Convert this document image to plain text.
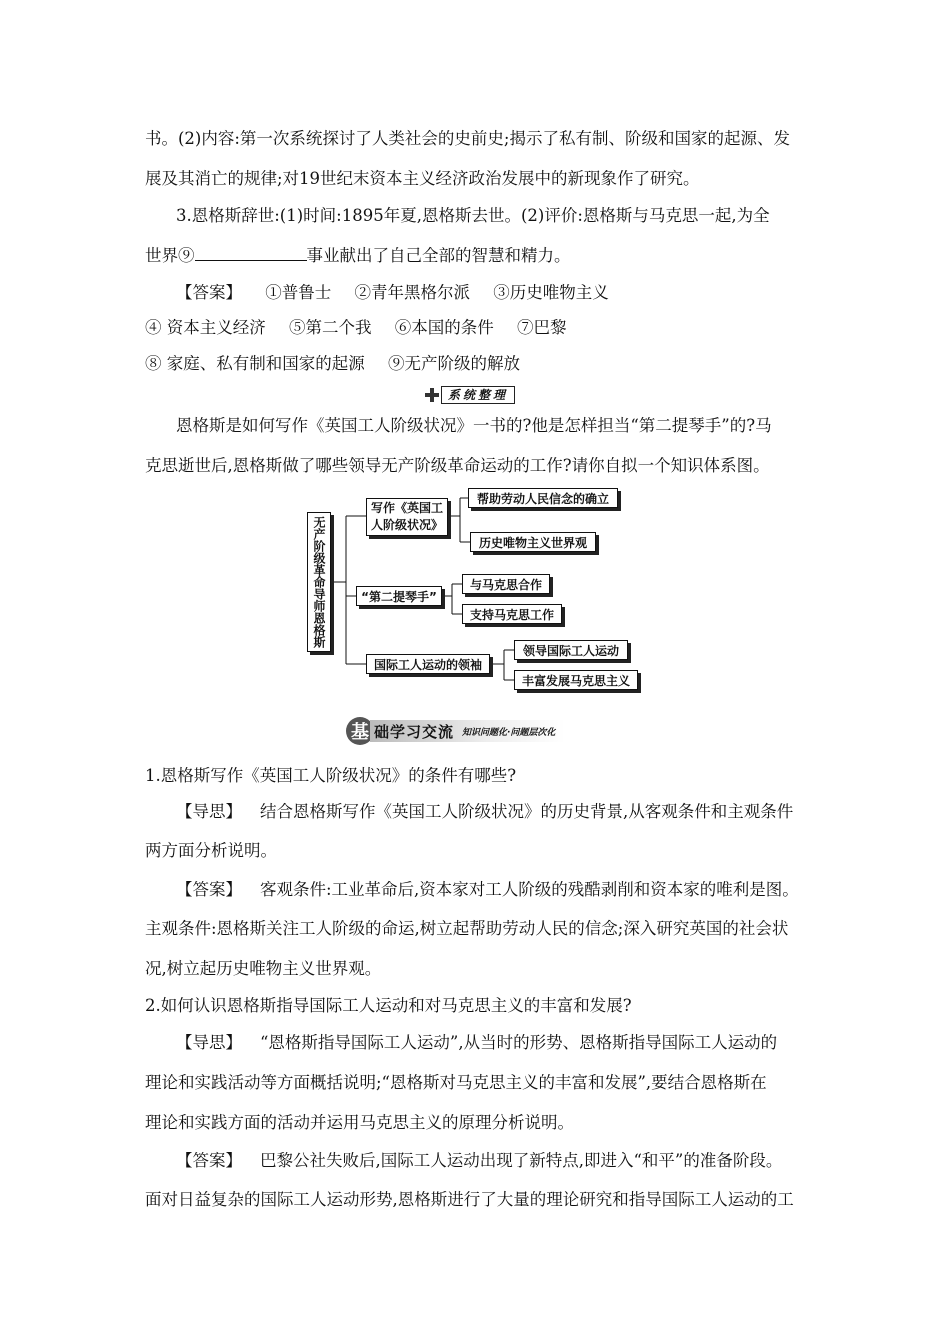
书。(2)内容:第一次系统探讨了人类社会的史前史;揭示了私有制、阶级和国家的起源、发
展及其消亡的规律;对19世纪末资本主义经济政治发展中的新现象作了研究。
3.恩格斯辞世:(1)时间:1895年夏,恩格斯去世。(2)评价:恩格斯与马克思一起,为全
世界⑨	事业献出了自己全部的智慧和精力。
【答案】 ①普鲁士 ②青年黑格尔派 ③历史唯物主义
④ 资本主义经济 ⑤第二个我 ⑥本国的条件 ⑦巴黎
⑧ 家庭、私有制和国家的起源 ⑨无产阶级的解放
系统整理
恩格斯是如何写作《英国工人阶级状况》一书的?他是怎样担当“第二提琴手”的?马
克思逝世后,恩格斯做了哪些领导无产阶级革命运动的工作?请你自拟一个知识体系图。
无产阶级革命导师恩格斯
写作《英国工
人阶级状况》
帮助劳动人民信念的确立
历史唯物主义世界观
“第二提琴手”
与马克思合作
支持马克思工作
国际工人运动的领袖
领导国际工人运动
丰富发展马克思主义
基 础学习交流 知识问题化·问题层次化
1.恩格斯写作《英国工人阶级状况》的条件有哪些?
【导思】 结合恩格斯写作《英国工人阶级状况》的历史背景,从客观条件和主观条件
两方面分析说明。
【答案】 客观条件:工业革命后,资本家对工人阶级的残酷剥削和资本家的唯利是图。
主观条件:恩格斯关注工人阶级的命运,树立起帮助劳动人民的信念;深入研究英国的社会状
况,树立起历史唯物主义世界观。
2.如何认识恩格斯指导国际工人运动和对马克思主义的丰富和发展?
【导思】 “恩格斯指导国际工人运动”,从当时的形势、恩格斯指导国际工人运动的
理论和实践活动等方面概括说明;“恩格斯对马克思主义的丰富和发展”,要结合恩格斯在
理论和实践方面的活动并运用马克思主义的原理分析说明。
【答案】 巴黎公社失败后,国际工人运动出现了新特点,即进入“和平”的准备阶段。
面对日益复杂的国际工人运动形势,恩格斯进行了大量的理论研究和指导国际工人运动的工
